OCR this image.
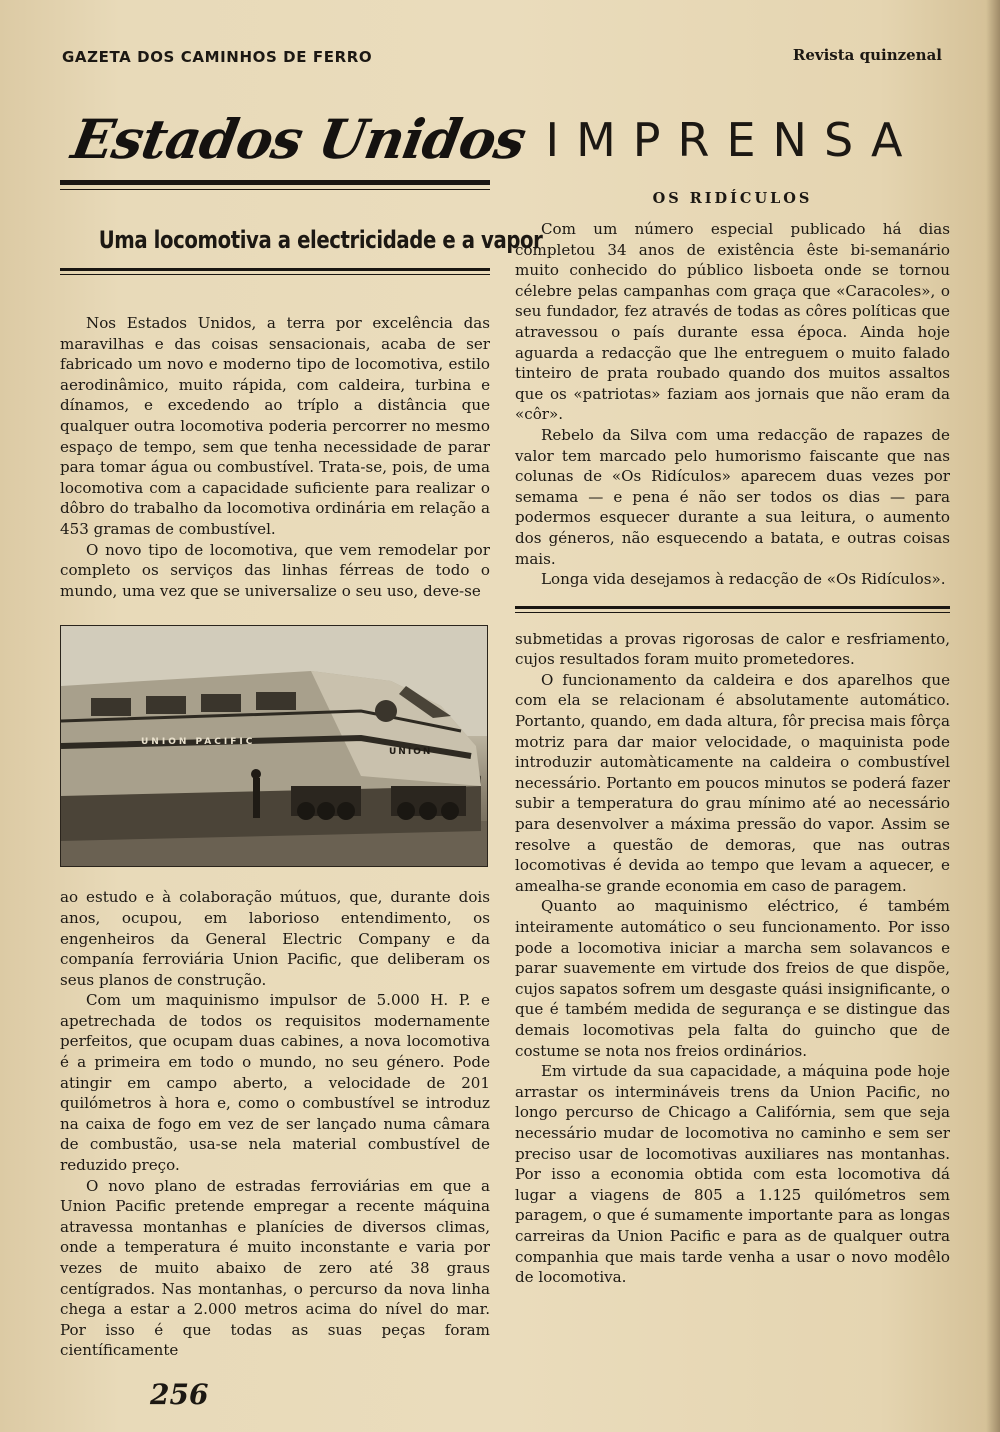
GAZETA DOS CAMINHOS DE FERRO	Revista quinzenal

Estados Unidos
Uma locomotiva a electricidade e a vapor

Nos Estados Unidos, a terra por excelência das maravilhas e das coisas sensacionais, acaba de ser fabricado um novo e moderno tipo de locomotiva, estilo aerodinâmico, muito rápida, com caldeira, turbina e dínamos, e excedendo ao tríplo a distância que qualquer outra locomotiva poderia percorrer no mesmo espaço de tempo, sem que tenha necessidade de parar para tomar água ou combustível. Trata-se, pois, de uma locomotiva com a capacidade suficiente para realizar o dôbro do trabalho da locomotiva ordinária em relação a 453 gramas de combustível.

O novo tipo de locomotiva, que vem remodelar por completo os serviços das linhas férreas de todo o mundo, uma vez que se universalize o seu uso, deve-se

UNION PACIFIC
UNION

ao estudo e à colaboração mútuos, que, durante dois anos, ocupou, em laborioso entendimento, os engenheiros da General Electric Company e da companía ferroviária Union Pacific, que deliberam os seus planos de construção.

Com um maquinismo impulsor de 5.000 H. P. e apetrechada de todos os requisitos modernamente perfeitos, que ocupam duas cabines, a nova locomotiva é a primeira em todo o mundo, no seu género. Pode atingir em campo aberto, a velocidade de 201 quilómetros à hora e, como o combustível se introduz na caixa de fogo em vez de ser lançado numa câmara de combustão, usa-se nela material combustível de reduzido preço.

O novo plano de estradas ferroviárias em que a Union Pacific pretende empregar a recente máquina atravessa montanhas e planícies de diversos climas, onde a temperatura é muito inconstante e varia por vezes de muito abaixo de zero até 38 graus centígrados. Nas montanhas, o percurso da nova linha chega a estar a 2.000 metros acima do nível do mar. Por isso é que todas as suas peças foram científicamente

IMPRENSA
OS RIDÍCULOS

Com um número especial publicado há dias completou 34 anos de existência êste bi-semanário muito conhecido do público lisboeta onde se tornou célebre pelas campanhas com graça que «Caracoles», o seu fundador, fez através de todas as côres políticas que atravessou o país durante essa época. Ainda hoje aguarda a redacção que lhe entreguem o muito falado tinteiro de prata roubado quando dos muitos assaltos que os «patriotas» faziam aos jornais que não eram da «côr».

Rebelo da Silva com uma redacção de rapazes de valor tem marcado pelo humorismo faiscante que nas colunas de «Os Ridículos» aparecem duas vezes por semama — e pena é não ser todos os dias — para podermos esquecer durante a sua leitura, o aumento dos géneros, não esquecendo a batata, e outras coisas mais.

Longa vida desejamos à redacção de «Os Ridículos».

submetidas a provas rigorosas de calor e resfriamento, cujos resultados foram muito prometedores.

O funcionamento da caldeira e dos aparelhos que com ela se relacionam é absolutamente automático. Portanto, quando, em dada altura, fôr precisa mais fôrça motriz para dar maior velocidade, o maquinista pode introduzir automàticamente na caldeira o combustível necessário. Portanto em poucos minutos se poderá fazer subir a temperatura do grau mínimo até ao necessário para desenvolver a máxima pressão do vapor. Assim se resolve a questão de demoras, que nas outras locomotivas é devida ao tempo que levam a aquecer, e amealha-se grande economia em caso de paragem.

Quanto ao maquinismo eléctrico, é também inteiramente automático o seu funcionamento. Por isso pode a locomotiva iniciar a marcha sem solavancos e parar suavemente em virtude dos freios de que dispõe, cujos sapatos sofrem um desgaste quási insignificante, o que é também medida de segurança e se distingue das demais locomotivas pela falta do guincho que de costume se nota nos freios ordinários.

Em virtude da sua capacidade, a máquina pode hoje arrastar os intermináveis trens da Union Pacific, no longo percurso de Chicago a Califórnia, sem que seja necessário mudar de locomotiva no caminho e sem ser preciso usar de locomotivas auxiliares nas montanhas. Por isso a economia obtida com esta locomotiva dá lugar a viagens de 805 a 1.125 quilómetros sem paragem, o que é sumamente importante para as longas carreiras da Union Pacific e para as de qualquer outra companhia que mais tarde venha a usar o novo modêlo de locomotiva.

256
